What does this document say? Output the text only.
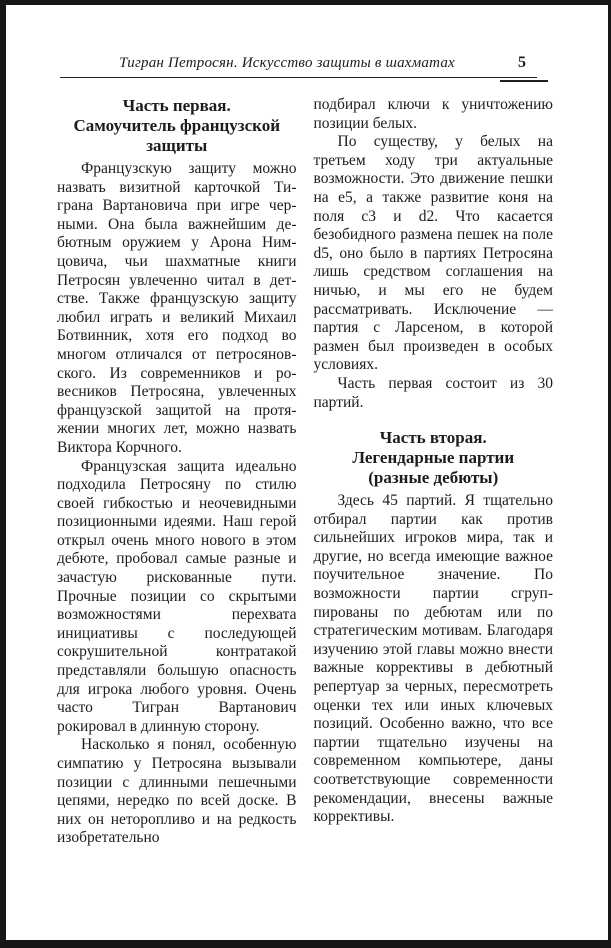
Тигран Петросян. Искусство защиты в шахматах	5
Часть первая.
Самоучитель французской
защиты

Французскую защиту можно назвать визитной карточкой Тиграна Вартановича при игре черными. Она была важнейшим дебютным оружием у Арона Нимцовича, чьи шахматные книги Петросян увлеченно читал в детстве. Также французскую защиту любил играть и великий Михаил Ботвинник, хотя его подход во многом отличался от петросяновского. Из современников и ровесников Петросяна, увлеченных французской защитой на протяжении многих лет, можно назвать Виктора Корчного.

Французская защита идеально подходила Петросяну по стилю своей гибкостью и неочевидными позиционными идеями. Наш герой открыл очень много нового в этом дебюте, пробовал самые разные и зачастую рискованные пути. Прочные позиции со скрытыми возможностями перехвата инициативы с последующей сокрушительной контратакой представляли большую опасность для игрока любого уровня. Очень часто Тигран Вартанович рокировал в длинную сторону.

Насколько я понял, особенную симпатию у Петросяна вызывали позиции с длинными пешечными цепями, нередко по всей доске. В них он неторопливо и на редкость изобретательно

подбирал ключи к уничтожению позиции белых.

По существу, у белых на третьем ходу три актуальные возможности. Это движение пешки на e5, а также развитие коня на поля c3 и d2. Что касается безобидного размена пешек на поле d5, оно было в партиях Петросяна лишь средством соглашения на ничью, и мы его не будем рассматривать. Исключение — партия с Ларсеном, в которой размен был произведен в особых условиях.

Часть первая состоит из 30 партий.

Часть вторая.
Легендарные партии
(разные дебюты)

Здесь 45 партий. Я тщательно отбирал партии как против сильнейших игроков мира, так и другие, но всегда имеющие важное поучительное значение. По возможности партии сгруппированы по дебютам или по стратегическим мотивам. Благодаря изучению этой главы можно внести важные коррективы в дебютный репертуар за черных, пересмотреть оценки тех или иных ключевых позиций. Особенно важно, что все партии тщательно изучены на современном компьютере, даны соответствующие современности рекомендации, внесены важные коррективы.
